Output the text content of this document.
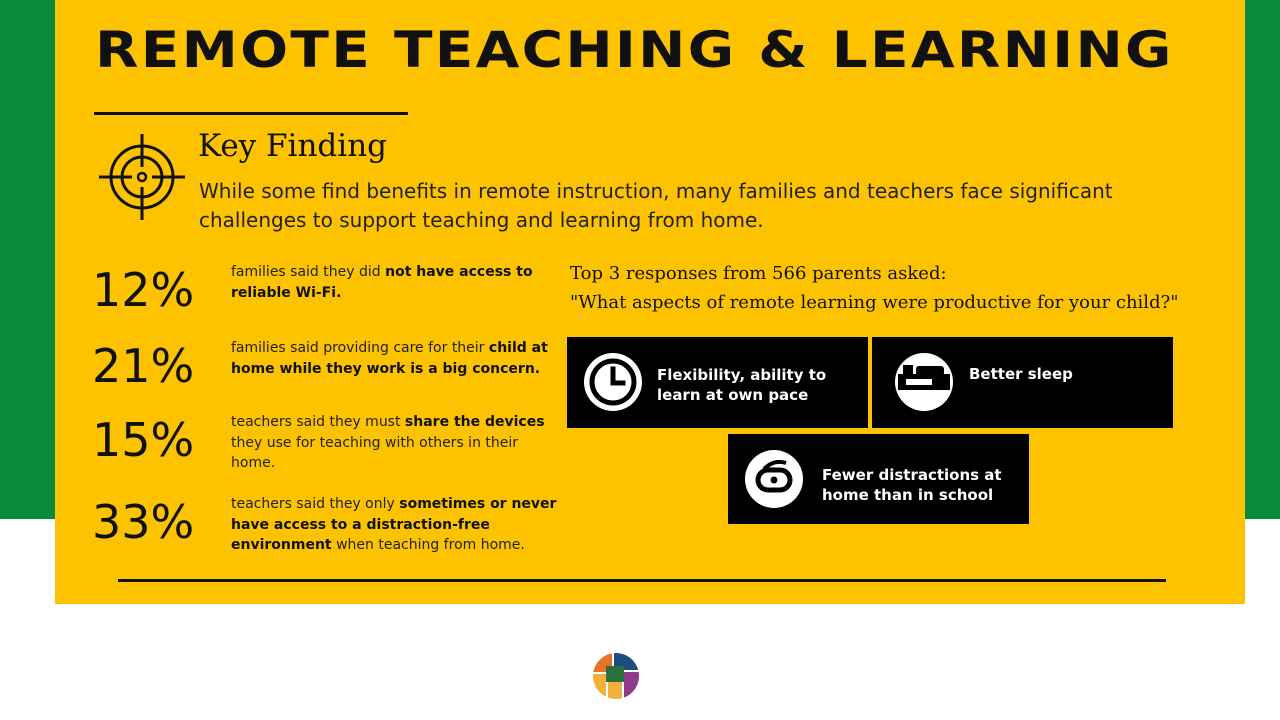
REMOTE TEACHING & LEARNING
Key Finding
While some find benefits in remote instruction, many families and teachers face significant
challenges to support teaching and learning from home.
12%	families said they did not have access to reliable Wi-Fi.
21%	families said providing care for their child at home while they work is a big concern.
15%	teachers said they must share the devices they use for teaching with others in their home.
33%	teachers said they only sometimes or never have access to a distraction-free environment when teaching from home.
Top 3 responses from 566 parents asked:
"What aspects of remote learning were productive for your child?"
Flexibility, ability to
learn at own pace
Better sleep
Fewer distractions at
home than in school
